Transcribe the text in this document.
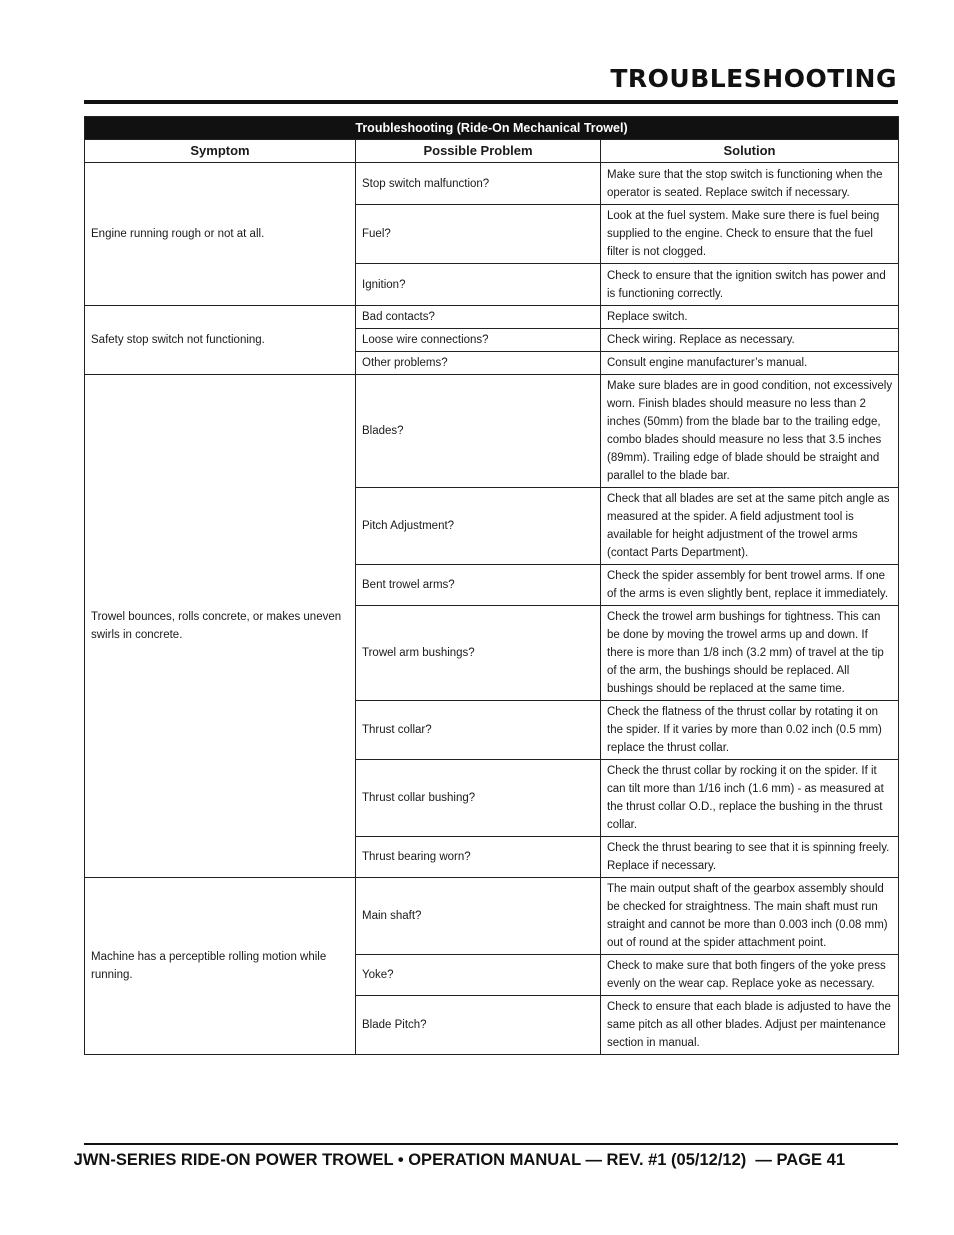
TROUBLESHOOTING
Troubleshooting (Ride-On Mechanical Trowel)		
Symptom	Possible Problem	Solution
Engine running rough or not at all.	Stop switch malfunction?	Make sure that the stop switch is functioning when the operator is seated. Replace switch if necessary.
	Fuel?	Look at the fuel system. Make sure there is fuel being supplied to the engine. Check to ensure that the fuel filter is not clogged.
	Ignition?	Check to ensure that the ignition switch has power and is functioning correctly.
Safety stop switch not functioning.	Bad contacts?	Replace switch.
	Loose wire connections?	Check wiring. Replace as necessary.
	Other problems?	Consult engine manufacturer’s manual.
Trowel bounces, rolls concrete, or makes uneven swirls in concrete.	Blades?	Make sure blades are in good condition, not excessively worn. Finish blades should measure no less than 2 inches (50mm) from the blade bar to the trailing edge, combo blades should measure no less that 3.5 inches (89mm). Trailing edge of blade should be straight and parallel to the blade bar.
	Pitch Adjustment?	Check that all blades are set at the same pitch angle as measured at the spider. A field adjustment tool is available for height adjustment of the trowel arms (contact Parts Department).
	Bent trowel arms?	Check the spider assembly for bent trowel arms. If one of the arms is even slightly bent, replace it immediately.
	Trowel arm bushings?	Check the trowel arm bushings for tightness. This can be done by moving the trowel arms up and down. If there is more than 1/8 inch (3.2 mm) of travel at the tip of the arm, the bushings should be replaced. All bushings should be replaced at the same time.
	Thrust collar?	Check the flatness of the thrust collar by rotating it on the spider. If it varies by more than 0.02 inch (0.5 mm) replace the thrust collar.
	Thrust collar bushing?	Check the thrust collar by rocking it on the spider. If it can tilt more than 1/16 inch (1.6 mm) - as measured at the thrust collar O.D., replace the bushing in the thrust collar.
	Thrust bearing worn?	Check the thrust bearing to see that it is spinning freely. Replace if necessary.
Machine has a perceptible rolling motion while running.	Main shaft?	The main output shaft of the gearbox assembly should be checked for straightness. The main shaft must run straight and cannot be more than 0.003 inch (0.08 mm) out of round at the spider attachment point.
	Yoke?	Check to make sure that both fingers of the yoke press evenly on the wear cap. Replace yoke as necessary.
	Blade Pitch?	Check to ensure that each blade is adjusted to have the same pitch as all other blades. Adjust per maintenance section in manual.

JWN-SERIES RIDE-ON POWER TROWEL • OPERATION MANUAL — REV. #1 (05/12/12)  — PAGE 41
